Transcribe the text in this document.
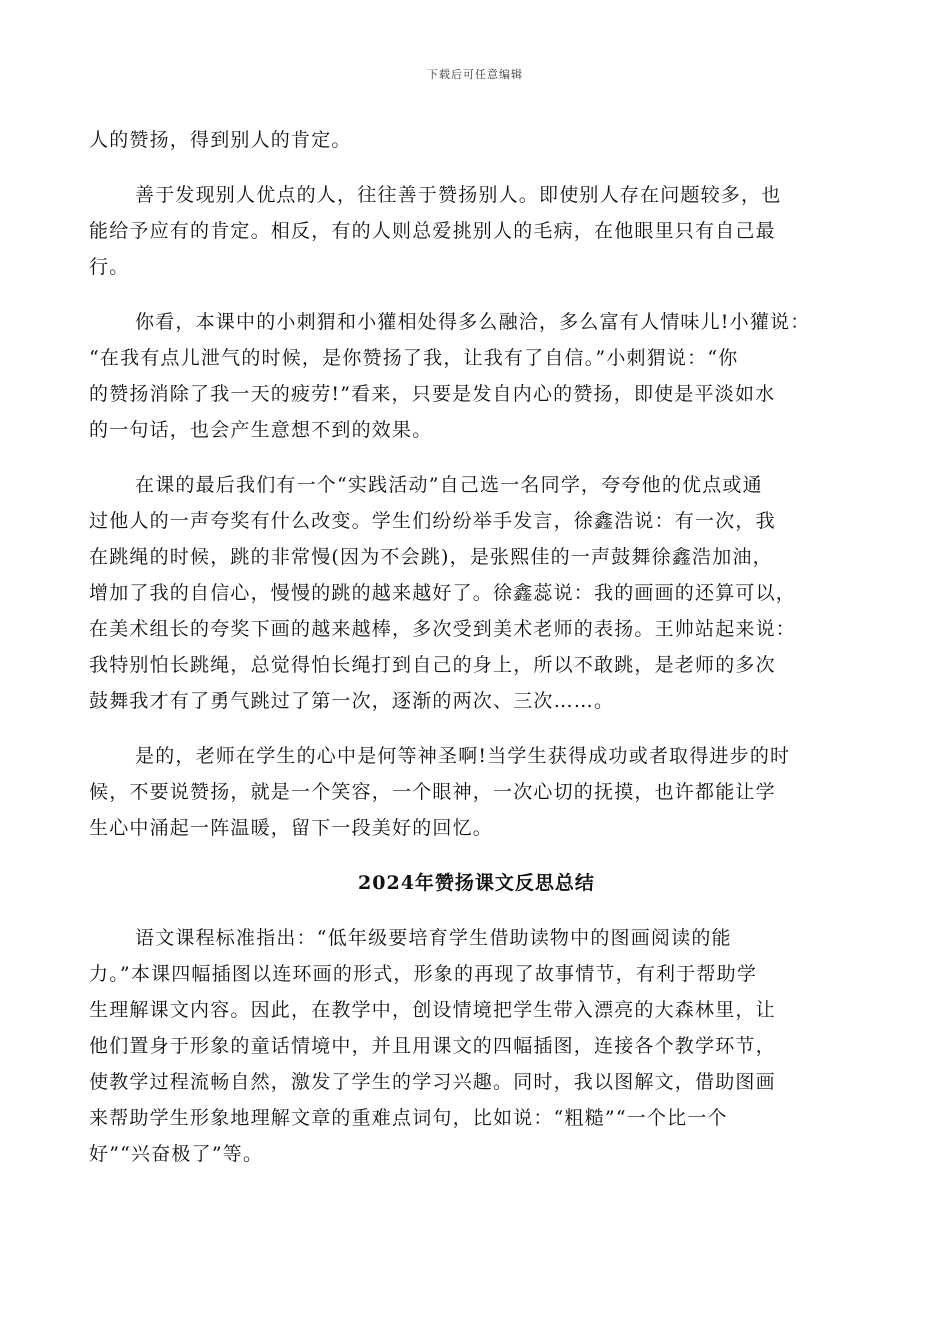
下载后可任意编辑
人的赞扬，得到别人的肯定。
善于发现别人优点的人，往往善于赞扬别人。即使别人存在问题较多，也
能给予应有的肯定。相反，有的人则总爱挑别人的毛病，在他眼里只有自己最
行。
你看，本课中的小刺猬和小獾相处得多么融洽，多么富有人情味儿!小獾说：
“在我有点儿泄气的时候，是你赞扬了我，让我有了自信。”小刺猬说：“你
的赞扬消除了我一天的疲劳!”看来，只要是发自内心的赞扬，即使是平淡如水
的一句话，也会产生意想不到的效果。
在课的最后我们有一个“实践活动”自己选一名同学，夸夸他的优点或通
过他人的一声夸奖有什么改变。学生们纷纷举手发言，徐鑫浩说：有一次，我
在跳绳的时候，跳的非常慢(因为不会跳)，是张熙佳的一声鼓舞徐鑫浩加油，
增加了我的自信心，慢慢的跳的越来越好了。徐鑫蕊说：我的画画的还算可以，
在美术组长的夸奖下画的越来越棒，多次受到美术老师的表扬。王帅站起来说：
我特别怕长跳绳，总觉得怕长绳打到自己的身上，所以不敢跳，是老师的多次
鼓舞我才有了勇气跳过了第一次，逐渐的两次、三次……。
是的，老师在学生的心中是何等神圣啊!当学生获得成功或者取得进步的时
候，不要说赞扬，就是一个笑容，一个眼神，一次心切的抚摸，也许都能让学
生心中涌起一阵温暖，留下一段美好的回忆。
2024年赞扬课文反思总结
语文课程标准指出：“低年级要培育学生借助读物中的图画阅读的能
力。”本课四幅插图以连环画的形式，形象的再现了故事情节，有利于帮助学
生理解课文内容。因此，在教学中，创设情境把学生带入漂亮的大森林里，让
他们置身于形象的童话情境中，并且用课文的四幅插图，连接各个教学环节，
使教学过程流畅自然，激发了学生的学习兴趣。同时，我以图解文，借助图画
来帮助学生形象地理解文章的重难点词句，比如说：“粗糙”“一个比一个
好”“兴奋极了”等。
